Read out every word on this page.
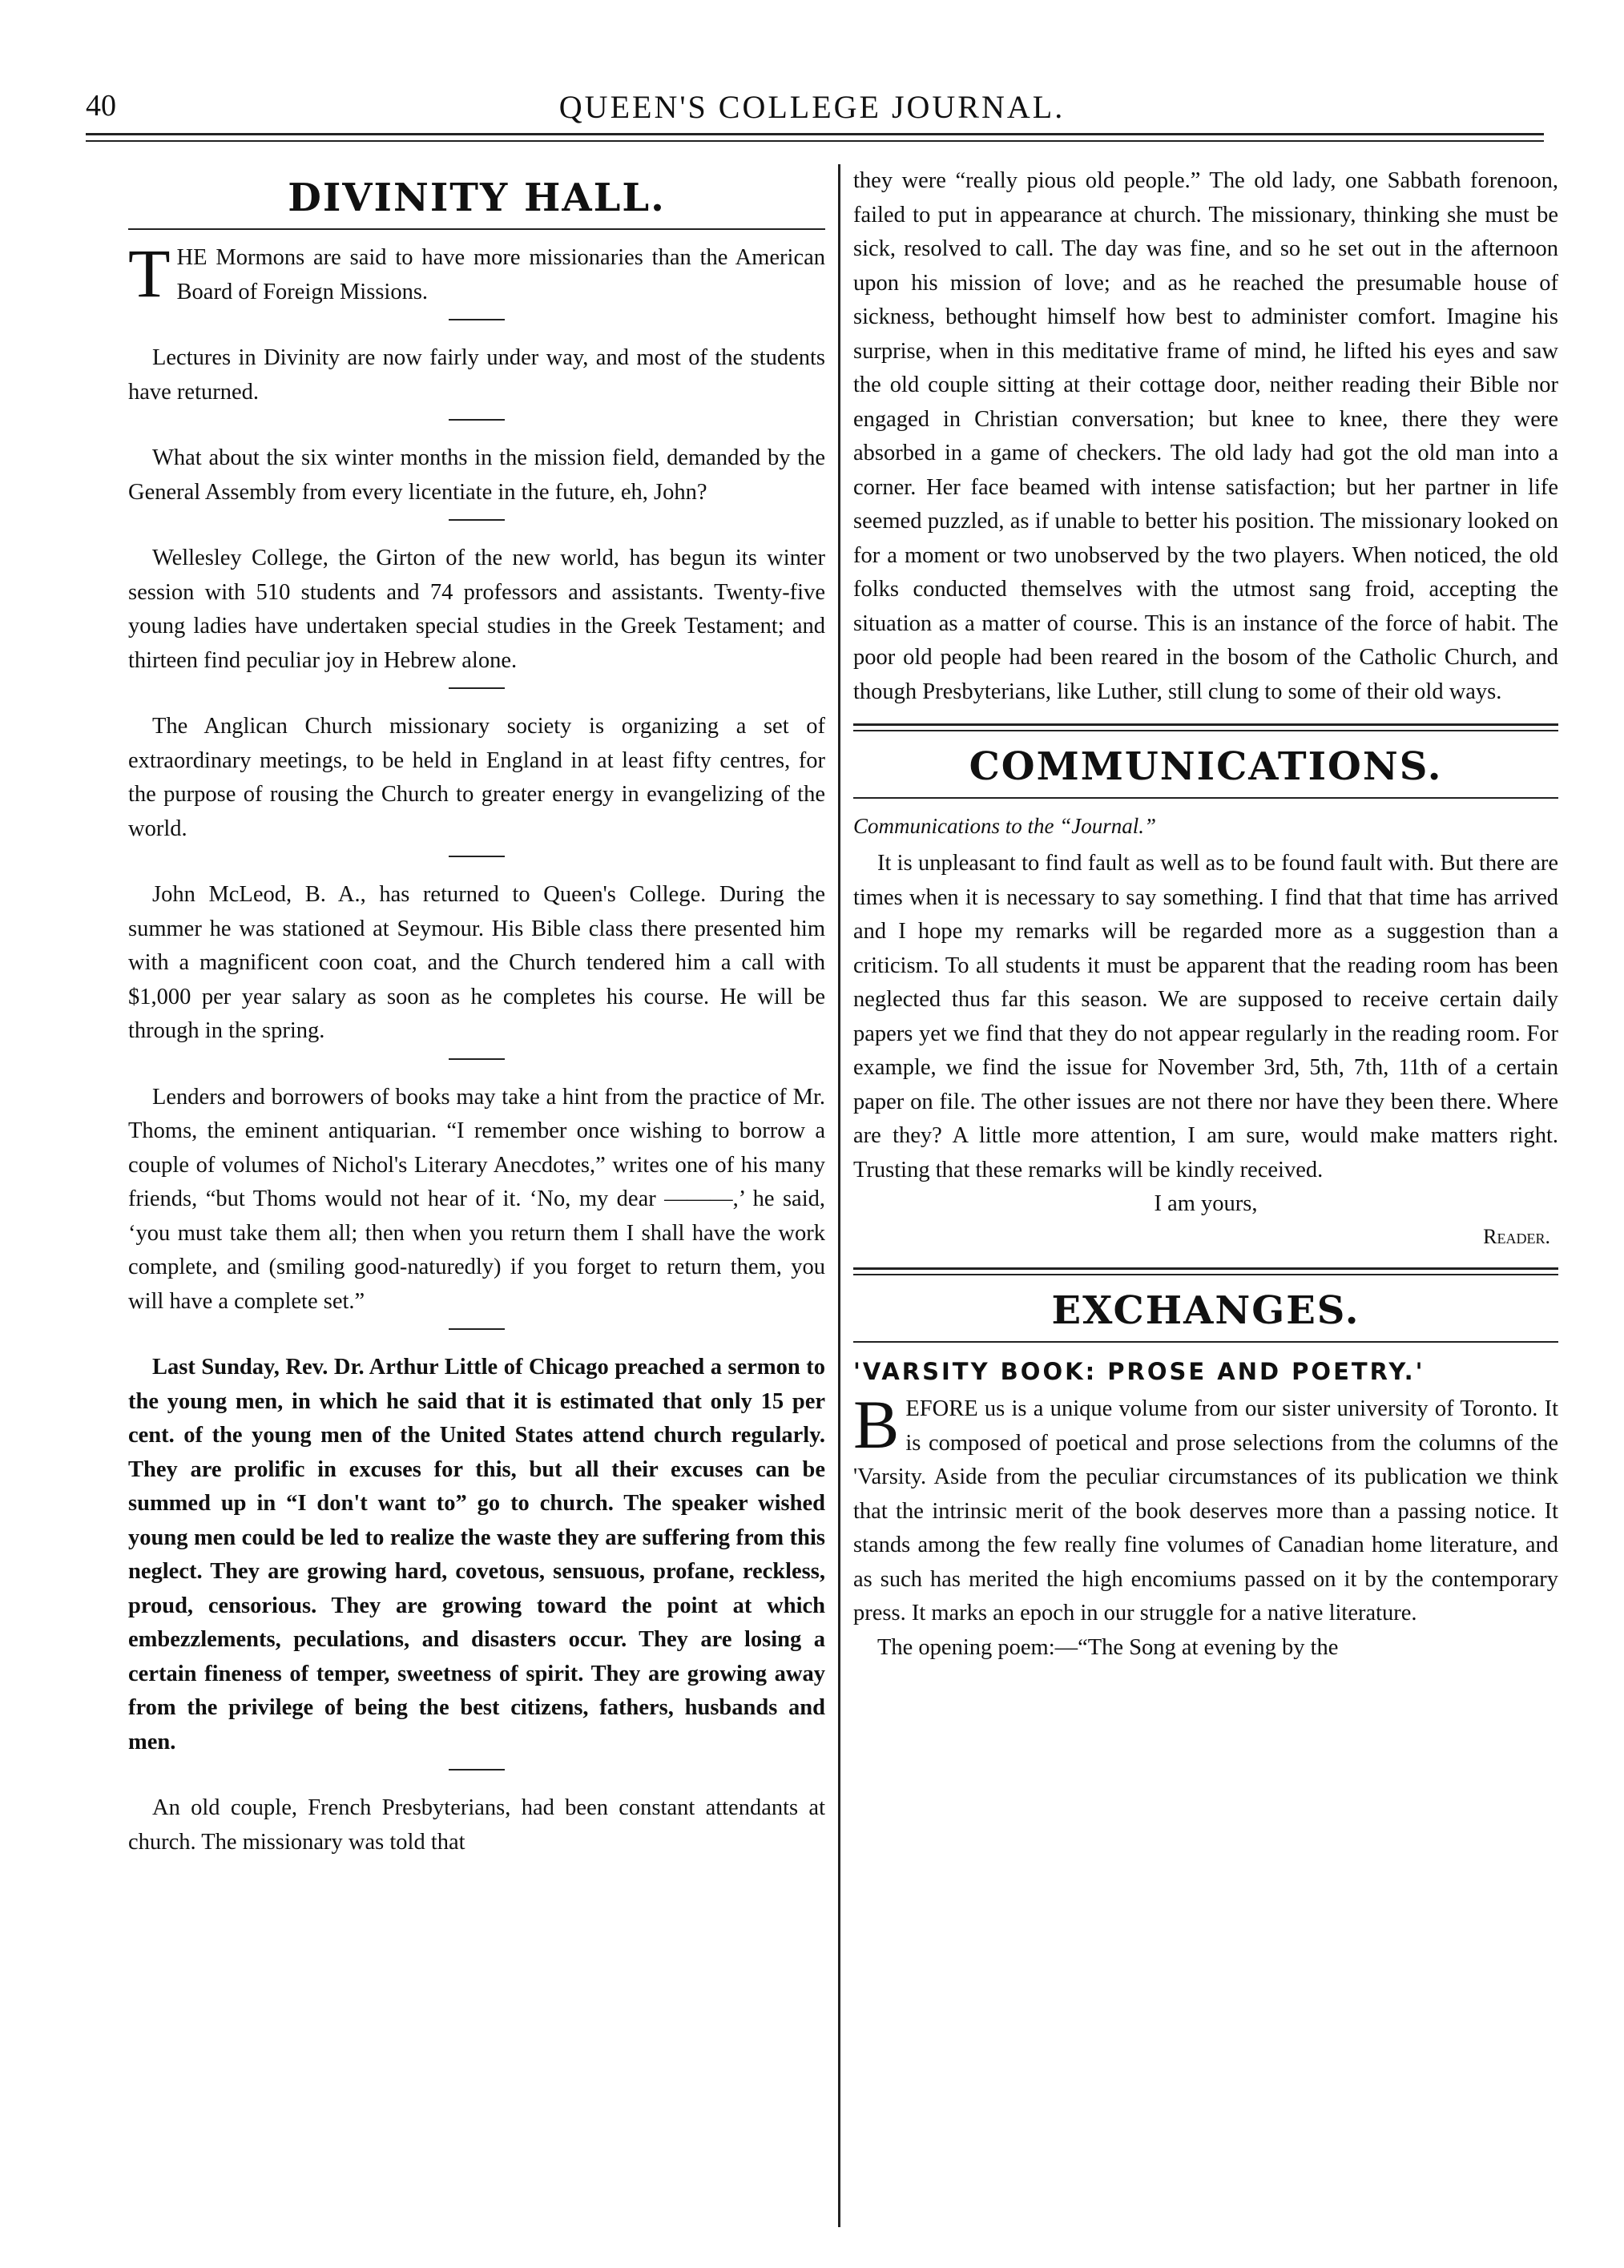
40	QUEEN'S COLLEGE JOURNAL.
DIVINITY HALL.

THE Mormons are said to have more missionaries than the American Board of Foreign Missions.

Lectures in Divinity are now fairly under way, and most of the students have returned.

What about the six winter months in the mission field, demanded by the General Assembly from every licentiate in the future, eh, John?

Wellesley College, the Girton of the new world, has begun its winter session with 510 students and 74 professors and assistants. Twenty-five young ladies have undertaken special studies in the Greek Testament; and thirteen find peculiar joy in Hebrew alone.

The Anglican Church missionary society is organizing a set of extraordinary meetings, to be held in England in at least fifty centres, for the purpose of rousing the Church to greater energy in evangelizing of the world.

John McLeod, B. A., has returned to Queen's College. During the summer he was stationed at Seymour. His Bible class there presented him with a magnificent coon coat, and the Church tendered him a call with $1,000 per year salary as soon as he completes his course. He will be through in the spring.

Lenders and borrowers of books may take a hint from the practice of Mr. Thoms, the eminent antiquarian. “I remember once wishing to borrow a couple of volumes of Nichol's Literary Anecdotes,” writes one of his many friends, “but Thoms would not hear of it. ‘No, my dear ———,’ he said, ‘you must take them all; then when you return them I shall have the work complete, and (smiling good-naturedly) if you forget to return them, you will have a complete set.”

Last Sunday, Rev. Dr. Arthur Little of Chicago preached a sermon to the young men, in which he said that it is estimated that only 15 per cent. of the young men of the United States attend church regularly. They are prolific in excuses for this, but all their excuses can be summed up in “I don't want to” go to church. The speaker wished young men could be led to realize the waste they are suffering from this neglect. They are growing hard, covetous, sensuous, profane, reckless, proud, censorious. They are growing toward the point at which embezzlements, peculations, and disasters occur. They are losing a certain fineness of temper, sweetness of spirit. They are growing away from the privilege of being the best citizens, fathers, husbands and men.

An old couple, French Presbyterians, had been constant attendants at church. The missionary was told that

they were “really pious old people.” The old lady, one Sabbath forenoon, failed to put in appearance at church. The missionary, thinking she must be sick, resolved to call. The day was fine, and so he set out in the afternoon upon his mission of love; and as he reached the presumable house of sickness, bethought himself how best to administer comfort. Imagine his surprise, when in this meditative frame of mind, he lifted his eyes and saw the old couple sitting at their cottage door, neither reading their Bible nor engaged in Christian conversation; but knee to knee, there they were absorbed in a game of checkers. The old lady had got the old man into a corner. Her face beamed with intense satisfaction; but her partner in life seemed puzzled, as if unable to better his position. The missionary looked on for a moment or two unobserved by the two players. When noticed, the old folks conducted themselves with the utmost sang froid, accepting the situation as a matter of course. This is an instance of the force of habit. The poor old people had been reared in the bosom of the Catholic Church, and though Presbyterians, like Luther, still clung to some of their old ways.

COMMUNICATIONS.
Communications to the “Journal.”

It is unpleasant to find fault as well as to be found fault with. But there are times when it is necessary to say something. I find that that time has arrived and I hope my remarks will be regarded more as a suggestion than a criticism. To all students it must be apparent that the reading room has been neglected thus far this season. We are supposed to receive certain daily papers yet we find that they do not appear regularly in the reading room. For example, we find the issue for November 3rd, 5th, 7th, 11th of a certain paper on file. The other issues are not there nor have they been there. Where are they? A little more attention, I am sure, would make matters right. Trusting that these remarks will be kindly received.

I am yours,
Reader.
EXCHANGES.
'VARSITY BOOK: PROSE AND POETRY.'

BEFORE us is a unique volume from our sister university of Toronto. It is composed of poetical and prose selections from the columns of the 'Varsity. Aside from the peculiar circumstances of its publication we think that the intrinsic merit of the book deserves more than a passing notice. It stands among the few really fine volumes of Canadian home literature, and as such has merited the high encomiums passed on it by the contemporary press. It marks an epoch in our struggle for a native literature.

The opening poem:—“The Song at evening by the
